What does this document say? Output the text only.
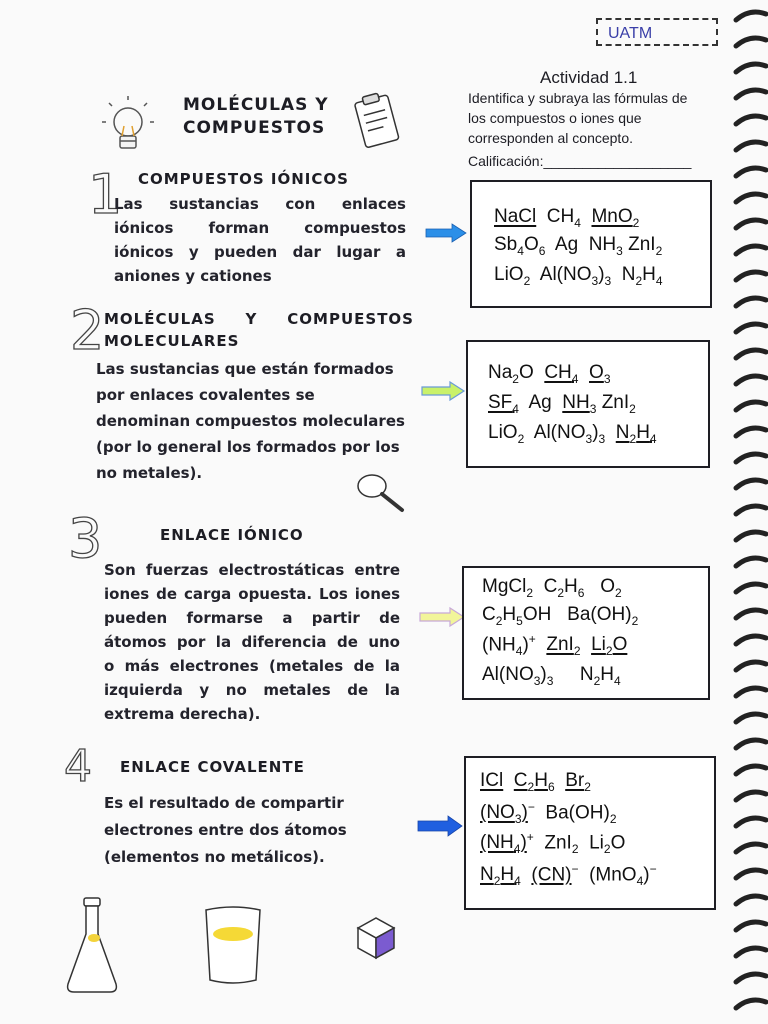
UATM
Actividad 1.1
Identifica y subraya las fórmulas de
los compuestos o iones que
corresponden al concepto.
Calificación:___________________
MOLÉCULAS Y
COMPUESTOS
1 COMPUESTOS IÓNICOS

Las sustancias con enlaces

iónicos forman compuestos

iónicos y pueden dar lugar a

aniones y cationes

NaCl  $CH_4$ MnO$_2$
$Sb_4O_6$  Ag  $NH_3$ ZnI$_2$
LiO$_2$  $Al(NO_3)_3$  $N_2H_4$
2 MOLÉCULAS Y COMPUESTOS
MOLECULARES

Las sustancias que están formados

por enlaces covalentes se

denominan compuestos moleculares

(por lo general los formados por los

no metales).

$Na_2O$  $CH_4$ $O_3$
$SF_4$  Ag  $NH_3$ ZnI$_2$
LiO$_2$  $Al(NO_3)_3$ $N_2H_4$
3	ENLACE IÓNICO

Son fuerzas electrostáticas entre

iones de carga opuesta. Los iones

pueden formarse a partir de

átomos por la diferencia de uno

o más electrones (metales de la

izquierda y no metales de la

extrema derecha).

MgCl$_2$  $C_2H_6$   $O_2$
$C_2H_5OH$   $Ba(OH)_2$
$(NH_4)^+$ ZnI$_2$ $Li_2O$
$Al(NO_3)_3$     $N_2H_4$
4 ENLACE COVALENTE

Es el resultado de compartir

electrones entre dos átomos

(elementos no metálicos).

ICl $C_2H_6$ $Br_2$
$(NO_3)^-$  $Ba(OH)_2$
$(NH_4)^+$  ZnI$_2$  $Li_2O$
$N_2H_4$ (CN)−  (MnO$_4$)−
